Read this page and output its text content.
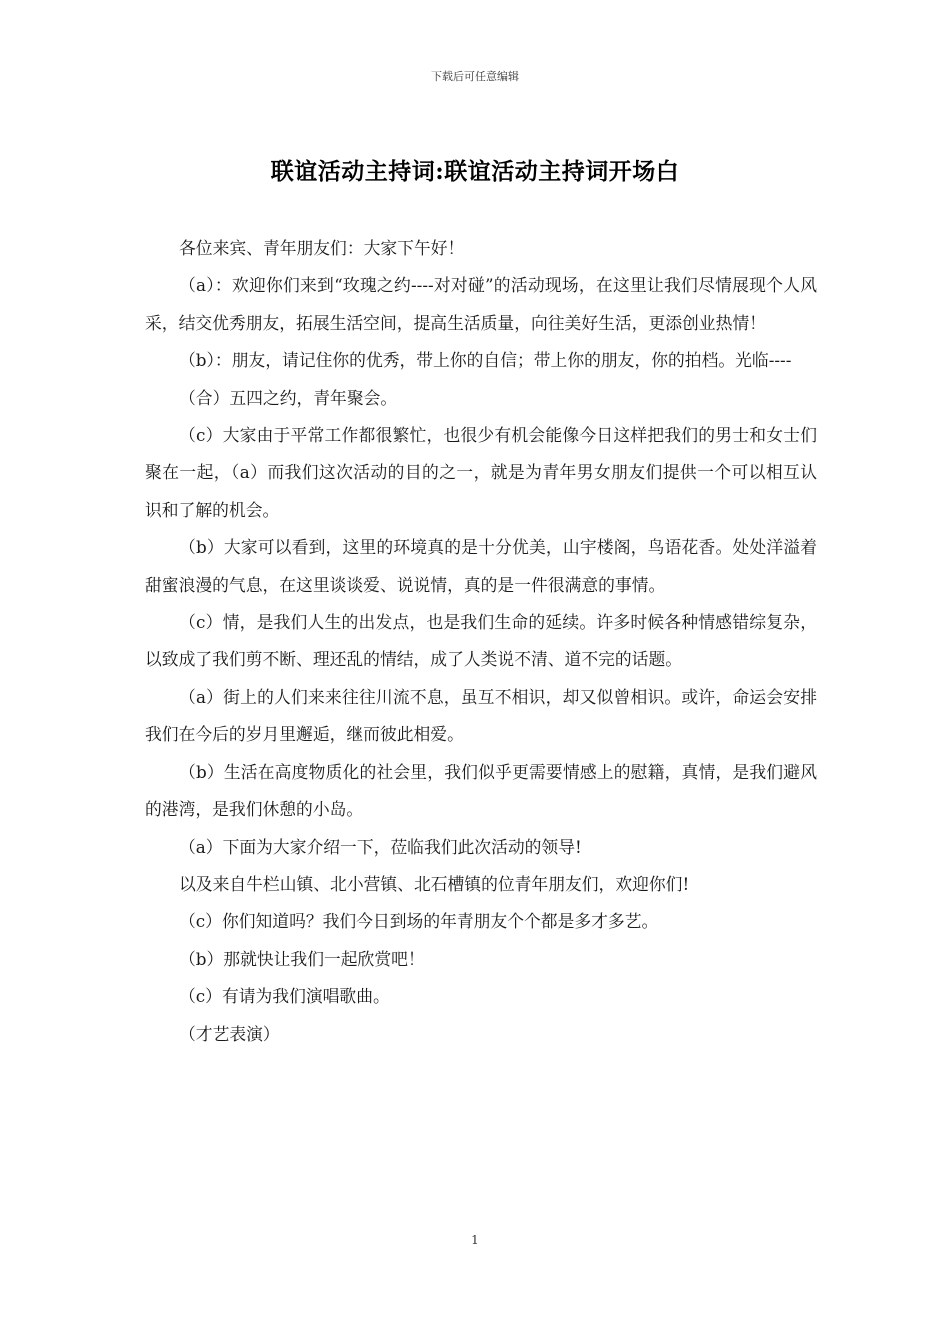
下载后可任意编辑
联谊活动主持词:联谊活动主持词开场白

各位来宾、青年朋友们：大家下午好！

（a）：欢迎你们来到“玫瑰之约----对对碰”的活动现场，在这里让我们尽情展现个人风采，结交优秀朋友，拓展生活空间，提高生活质量，向往美好生活，更添创业热情！

（b）：朋友，请记住你的优秀，带上你的自信；带上你的朋友，你的拍档。光临----

（合）五四之约，青年聚会。

（c）大家由于平常工作都很繁忙，也很少有机会能像今日这样把我们的男士和女士们聚在一起，（a）而我们这次活动的目的之一，就是为青年男女朋友们提供一个可以相互认识和了解的机会。

（b）大家可以看到，这里的环境真的是十分优美，山宇楼阁，鸟语花香。处处洋溢着甜蜜浪漫的气息，在这里谈谈爱、说说情，真的是一件很满意的事情。

（c）情，是我们人生的出发点，也是我们生命的延续。许多时候各种情感错综复杂，以致成了我们剪不断、理还乱的情结，成了人类说不清、道不完的话题。

（a）街上的人们来来往往川流不息，虽互不相识，却又似曾相识。或许，命运会安排我们在今后的岁月里邂逅，继而彼此相爱。

（b）生活在高度物质化的社会里，我们似乎更需要情感上的慰籍，真情，是我们避风的港湾，是我们休憩的小岛。

（a）下面为大家介绍一下，莅临我们此次活动的领导!

以及来自牛栏山镇、北小营镇、北石槽镇的位青年朋友们，欢迎你们!

（c）你们知道吗？我们今日到场的年青朋友个个都是多才多艺。

（b）那就快让我们一起欣赏吧！

（c）有请为我们演唱歌曲。

（才艺表演）

1
